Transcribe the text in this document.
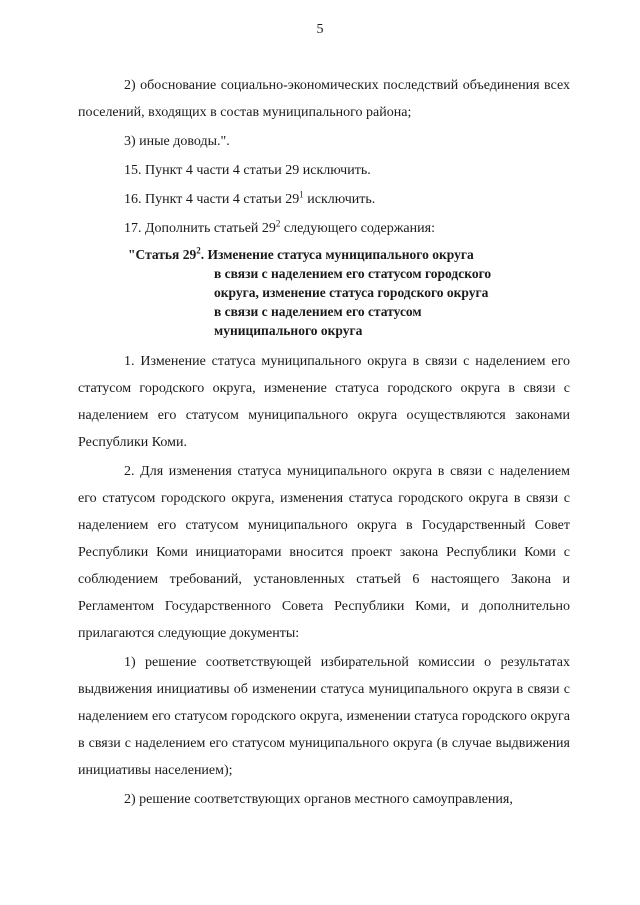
5

2) обоснование социально-экономических последствий объединения всех поселений, входящих в состав муниципального района;

3) иные доводы.".

15. Пункт 4 части 4 статьи 29 исключить.

16. Пункт 4 части 4 статьи $29^1$ исключить.

17. Дополнить статьей $29^2$ следующего содержания:

"Статья $29^2$. Изменение статуса муниципального округа
в связи с наделением его статусом городского
округа, изменение статуса городского округа
в связи с наделением его статусом
муниципального округа

1. Изменение статуса муниципального округа в связи с наделением его статусом городского округа, изменение статуса городского округа в связи с наделением его статусом муниципального округа осуществляются законами Республики Коми.

2. Для изменения статуса муниципального округа в связи с наделением его статусом городского округа, изменения статуса городского округа в связи с наделением его статусом муниципального округа в Государственный Совет Республики Коми инициаторами вносится проект закона Республики Коми с соблюдением требований, установленных статьей 6 настоящего Закона и Регламентом Государственного Совета Республики Коми, и дополнительно прилагаются следующие документы:

1) решение соответствующей избирательной комиссии о результатах выдвижения инициативы об изменении статуса муниципального округа в связи с наделением его статусом городского округа, изменении статуса городского округа в связи с наделением его статусом муниципального округа (в случае выдвижения инициативы населением);

2) решение соответствующих органов местного самоуправления,
